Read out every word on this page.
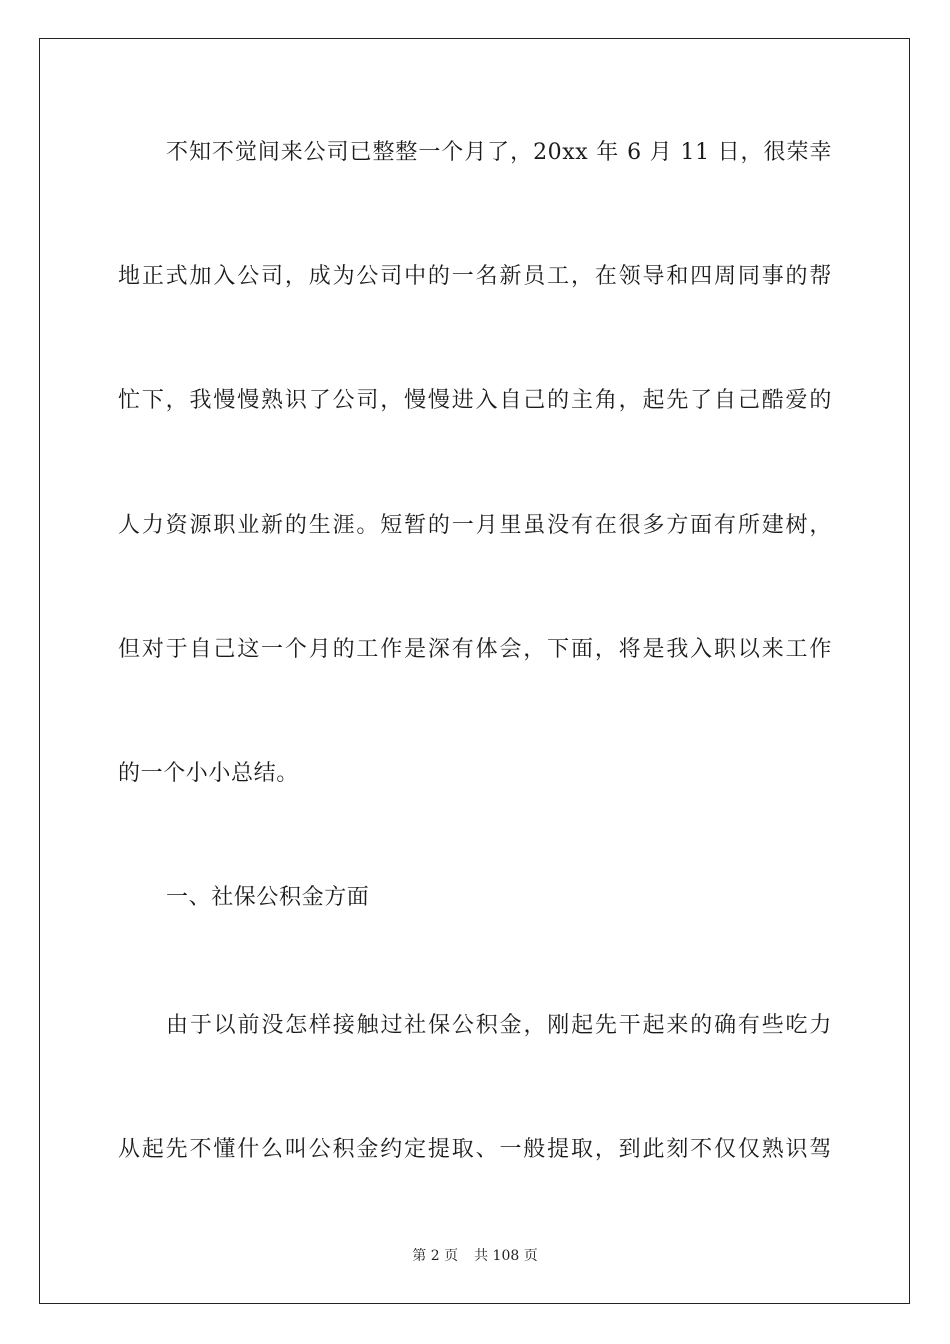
不知不觉间来公司已整整一个月了，20xx 年 6 月 11 日，很荣幸
地正式加入公司，成为公司中的一名新员工，在领导和四周同事的帮
忙下，我慢慢熟识了公司，慢慢进入自己的主角，起先了自己酷爱的
人力资源职业新的生涯。短暂的一月里虽没有在很多方面有所建树，
但对于自己这一个月的工作是深有体会，下面，将是我入职以来工作
的一个小小总结。
一、社保公积金方面
由于以前没怎样接触过社保公积金，刚起先干起来的确有些吃力
从起先不懂什么叫公积金约定提取、一般提取，到此刻不仅仅熟识驾
第 2 页 共 108 页
